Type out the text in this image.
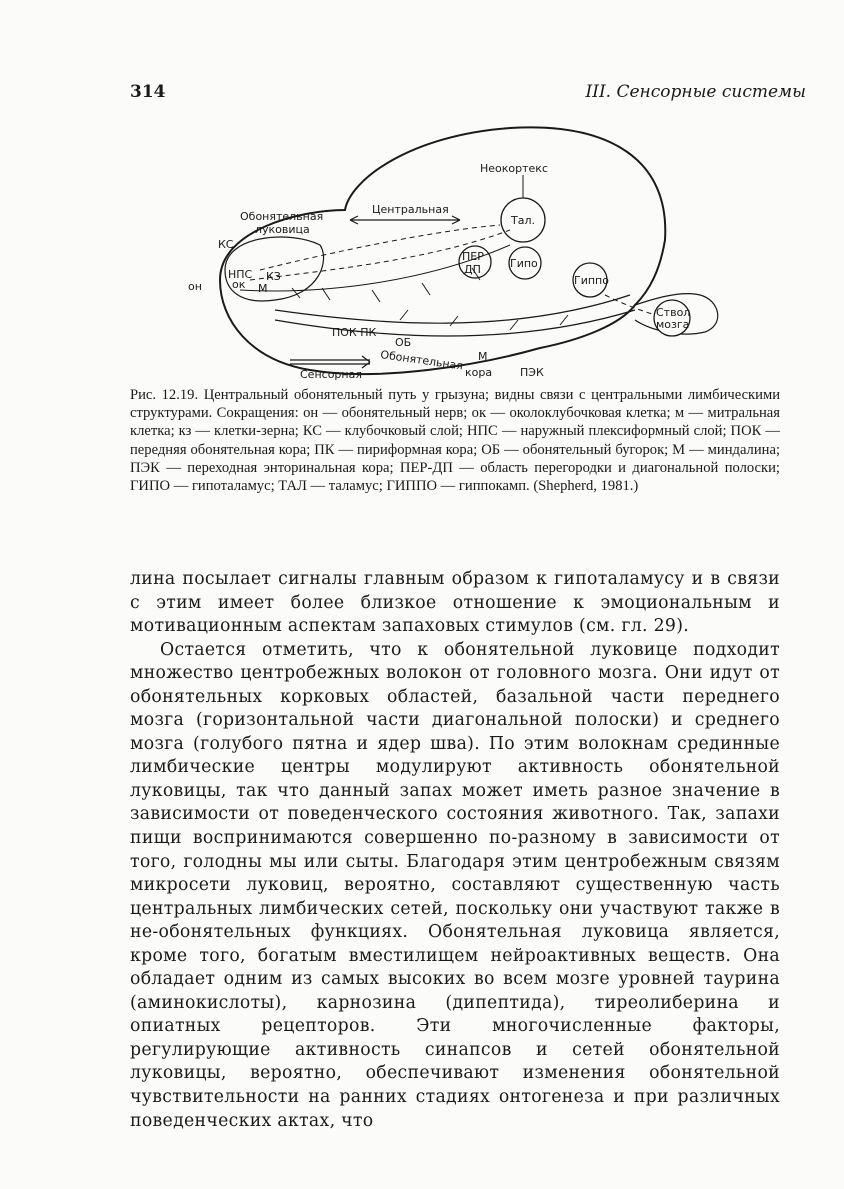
314	III. Сенсорные системы
Неокортекс
Центральная
Обонятельная
луковица
КС
НПС
ок
КЗ
М
он
Тал.
ПЕР
ДП	Гипо
Гиппо
Ствол
мозга
ПОК ПК
ОБ
Обонятельная кора
М
ПЭК
Сенсорная
Рис. 12.19. Центральный обонятельный путь у грызуна; видны связи с центральными лимбическими структурами. Сокращения: он — обонятельный нерв; ок — околоклубочковая клетка; м — митральная клетка; кз — клетки-зерна; КС — клубочковый слой; НПС — наружный плексиформный слой; ПОК — передняя обонятельная кора; ПК — пириформная кора; ОБ — обонятельный бугорок; М — миндалина; ПЭК — переходная энторинальная кора; ПЕР-ДП — область перегородки и диагональной полоски; ГИПО — гипоталамус; ТАЛ — таламус; ГИППО — гиппокамп. (Shepherd, 1981.)

лина посылает сигналы главным образом к гипоталамусу и в связи с этим имеет более близкое отношение к эмоциональным и мотивационным аспектам запаховых стимулов (см. гл. 29).

Остается отметить, что к обонятельной луковице подходит множество центробежных волокон от головного мозга. Они идут от обонятельных корковых областей, базальной части переднего мозга (горизонтальной части диагональной полоски) и среднего мозга (голубого пятна и ядер шва). По этим волокнам срединные лимбические центры модулируют активность обонятельной луковицы, так что данный запах может иметь разное значение в зависимости от поведенческого состояния животного. Так, запахи пищи воспринимаются совершенно по-разному в зависимости от того, голодны мы или сыты. Благодаря этим центробежным связям микросети луковиц, вероятно, составляют существенную часть центральных лимбических сетей, поскольку они участвуют также в не-обонятельных функциях. Обонятельная луковица является, кроме того, богатым вместилищем нейроактивных веществ. Она обладает одним из самых высоких во всем мозге уровней таурина (аминокислоты), карнозина (дипептида), тиреолиберина и опиатных рецепторов. Эти многочисленные факторы, регулирующие активность синапсов и сетей обонятельной луковицы, вероятно, обеспечивают изменения обонятельной чувствительности на ранних стадиях онтогенеза и при различных поведенческих актах, что
